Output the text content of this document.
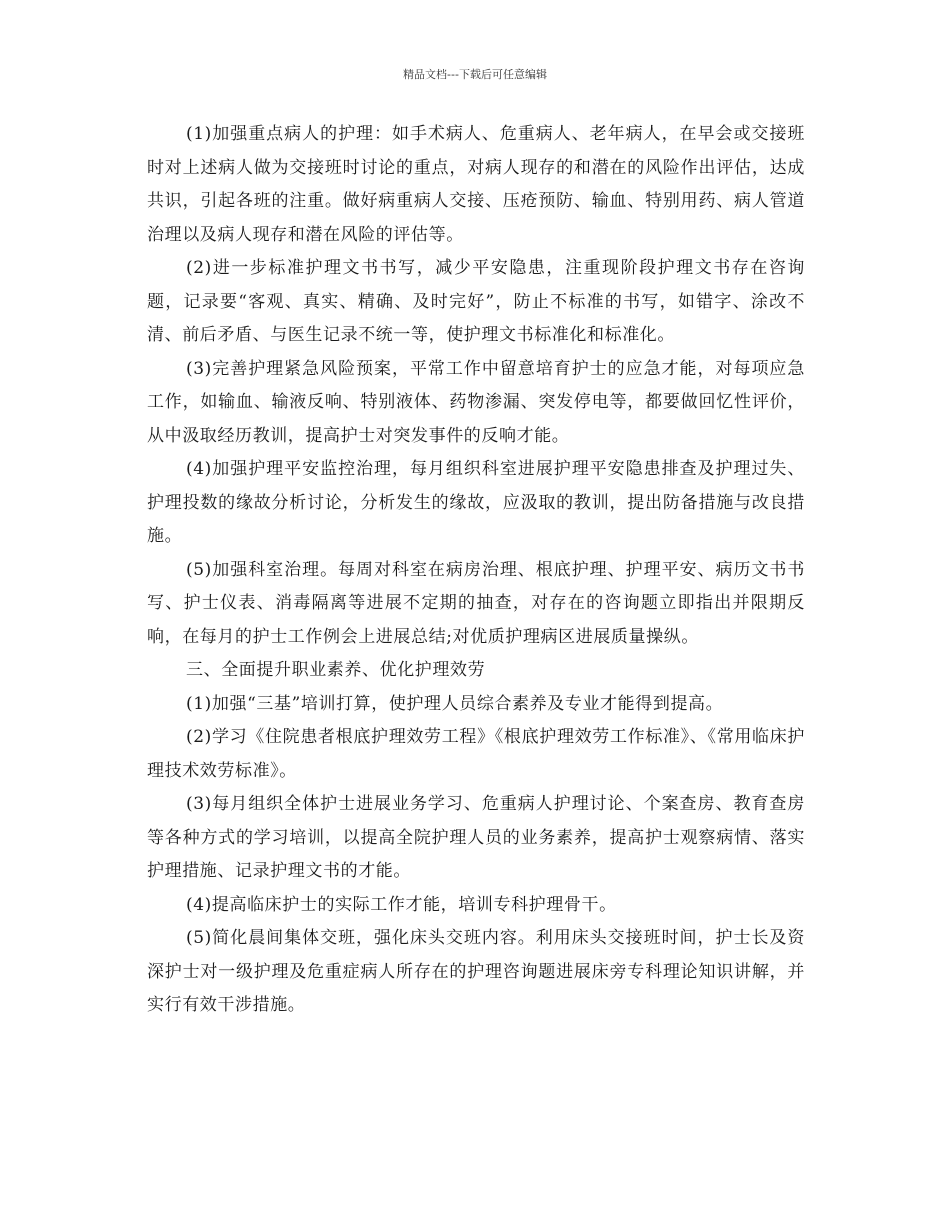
精品文档---下载后可任意编辑

(1)加强重点病人的护理：如手术病人、危重病人、老年病人，在早会或交接班时对上述病人做为交接班时讨论的重点，对病人现存的和潜在的风险作出评估，达成共识，引起各班的注重。做好病重病人交接、压疮预防、输血、特别用药、病人管道治理以及病人现存和潜在风险的评估等。

(2)进一步标准护理文书书写，减少平安隐患，注重现阶段护理文书存在咨询题，记录要“客观、真实、精确、及时完好”，防止不标准的书写，如错字、涂改不清、前后矛盾、与医生记录不统一等，使护理文书标准化和标准化。

(3)完善护理紧急风险预案，平常工作中留意培育护士的应急才能，对每项应急工作，如输血、输液反响、特别液体、药物渗漏、突发停电等，都要做回忆性评价，从中汲取经历教训，提高护士对突发事件的反响才能。

(4)加强护理平安监控治理，每月组织科室进展护理平安隐患排查及护理过失、护理投数的缘故分析讨论，分析发生的缘故，应汲取的教训，提出防备措施与改良措施。

(5)加强科室治理。每周对科室在病房治理、根底护理、护理平安、病历文书书写、护士仪表、消毒隔离等进展不定期的抽查，对存在的咨询题立即指出并限期反响，在每月的护士工作例会上进展总结;对优质护理病区进展质量操纵。

三、全面提升职业素养、优化护理效劳

(1)加强“三基”培训打算，使护理人员综合素养及专业才能得到提高。

(2)学习《住院患者根底护理效劳工程》《根底护理效劳工作标准》、《常用临床护理技术效劳标准》。

(3)每月组织全体护士进展业务学习、危重病人护理讨论、个案查房、教育查房等各种方式的学习培训，以提高全院护理人员的业务素养，提高护士观察病情、落实护理措施、记录护理文书的才能。

(4)提高临床护士的实际工作才能，培训专科护理骨干。

(5)简化晨间集体交班，强化床头交班内容。利用床头交接班时间，护士长及资深护士对一级护理及危重症病人所存在的护理咨询题进展床旁专科理论知识讲解，并实行有效干涉措施。
